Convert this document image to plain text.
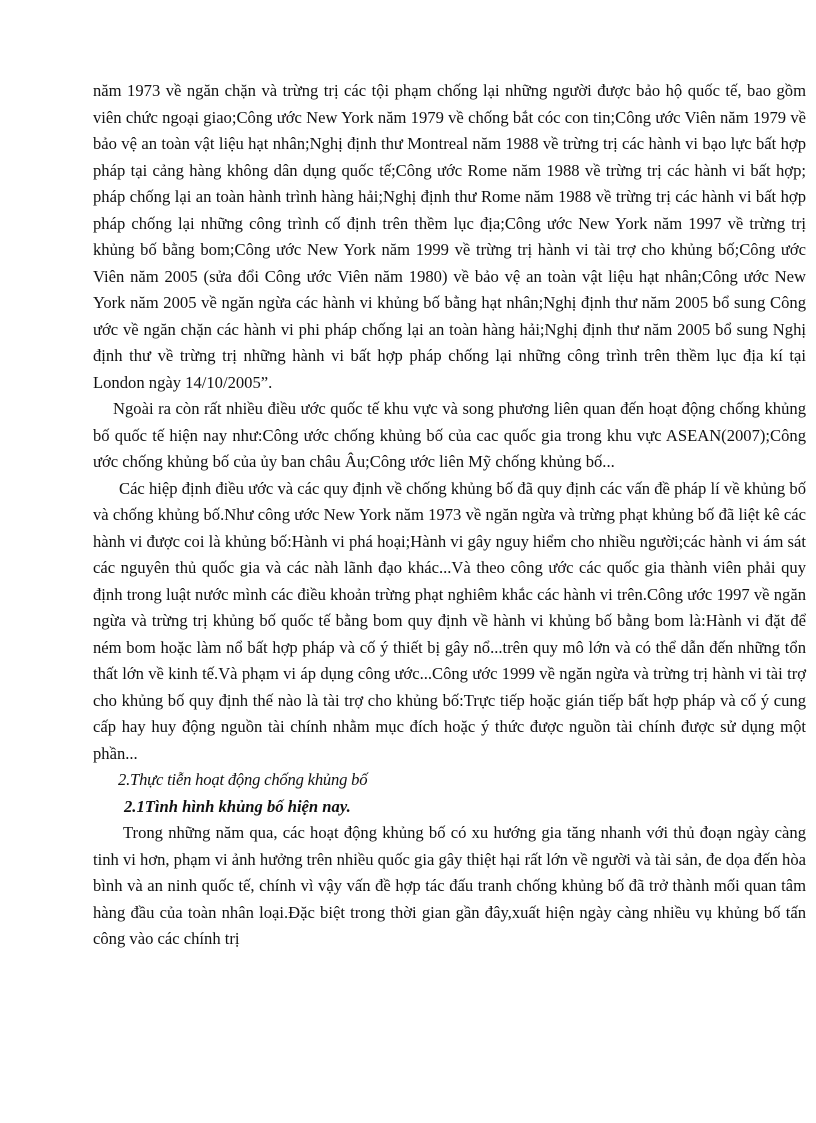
năm 1973 về ngăn chặn và trừng trị các tội phạm chống lại những người được bảo hộ quốc tế, bao gồm viên chức ngoại giao;Công ước New York năm 1979 về chống bắt cóc con tin;Công ước Viên năm 1979 về bảo vệ an toàn vật liệu hạt nhân;Nghị định thư Montreal năm 1988 về trừng trị các hành vi bạo lực bất hợp pháp tại cảng hàng không dân dụng quốc tế;Công ước Rome năm 1988 về trừng trị các hành vi bất hợp; pháp chống lại an toàn hành trình hàng hải;Nghị định thư Rome năm 1988 về trừng trị các hành vi bất hợp pháp chống lại những công trình cố định trên thềm lục địa;Công ước New York năm 1997 về trừng trị khủng bố bằng bom;Công ước New York năm 1999 về trừng trị hành vi tài trợ cho khủng bố;Công ước Viên năm 2005 (sửa đổi Công ước Viên năm 1980) về bảo vệ an toàn vật liệu hạt nhân;Công ước New York năm 2005 về ngăn ngừa các hành vi khủng bố bằng hạt nhân;Nghị định thư năm 2005 bổ sung Công ước về ngăn chặn các hành vi phi pháp chống lại an toàn hàng hải;Nghị định thư năm 2005 bổ sung Nghị định thư về trừng trị những hành vi bất hợp pháp chống lại những công trình trên thềm lục địa kí tại London ngày 14/10/2005”.

Ngoài ra còn rất nhiều điều ước quốc tế khu vực và song phương liên quan đến hoạt động chống khủng bố quốc tế hiện nay như:Công ước chống khủng bố của cac quốc gia trong khu vực ASEAN(2007);Công ước chống khủng bố của ủy ban châu Âu;Công ước liên Mỹ chống khủng bố...

Các hiệp định điều ước và các quy định về chống khủng bố đã quy định các vấn đề pháp lí về khủng bố và chống khủng bố.Như công ước New York năm 1973 về ngăn ngừa và trừng phạt khủng bố đã liệt kê các hành vi được coi là khủng bố:Hành vi phá hoại;Hành vi gây nguy hiểm cho nhiều người;các hành vi ám sát các nguyên thủ quốc gia và các nàh lãnh đạo khác...Và theo công ước các quốc gia thành viên phải quy định trong luật nước mình các điều khoản trừng phạt nghiêm khắc các hành vi trên.Công ước 1997 về ngăn ngừa và trừng trị khủng bố quốc tế bằng bom quy định về hành vi khủng bố bằng bom là:Hành vi đặt để ném bom hoặc làm nổ bất hợp pháp và cố ý thiết bị gây nổ...trên quy mô lớn và có thể dẫn đến những tổn thất lớn về kinh tế.Và phạm vi áp dụng công ước...Công ước 1999 về ngăn ngừa và trừng trị hành vi tài trợ cho khủng bố quy định thế nào là tài trợ cho khủng bố:Trực tiếp hoặc gián tiếp bất hợp pháp và cố ý cung cấp hay huy động nguồn tài chính nhằm mục đích hoặc ý thức được nguồn tài chính được sử dụng một phần...

2.Thực tiễn hoạt động chống khủng bố

2.1Tình hình khủng bố hiện nay.

Trong những năm qua, các hoạt động khủng bố có xu hướng gia tăng nhanh với thủ đoạn ngày càng tinh vi hơn, phạm vi ảnh hưởng trên nhiều quốc gia gây thiệt hại rất lớn về người và tài sản, đe dọa đến hòa bình và an ninh quốc tế, chính vì vậy vấn đề hợp tác đấu tranh chống khủng bố đã trở thành mối quan tâm hàng đầu của toàn nhân loại.Đặc biệt trong thời gian gần đây,xuất hiện ngày càng nhiều vụ khủng bố tấn công vào các chính trị
